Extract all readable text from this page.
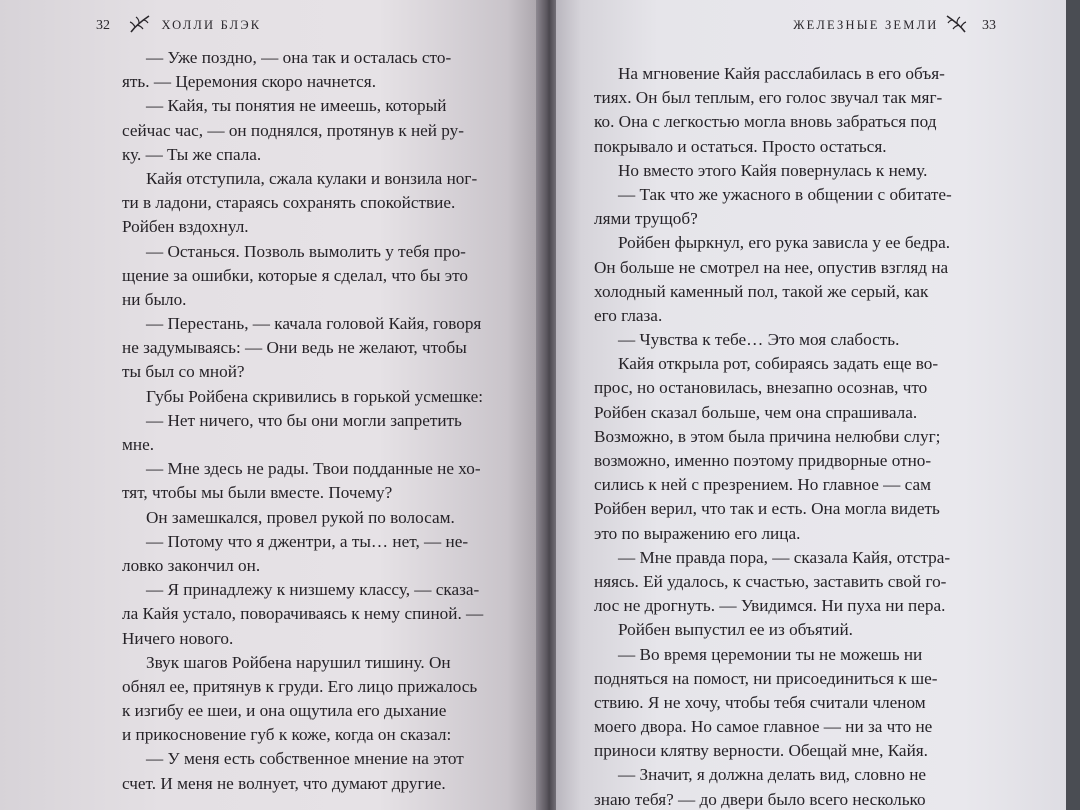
32	ХОЛЛИ БЛЭК
— Уже поздно, — она так и осталась сто-
ять. — Церемония скоро начнется.
— Кайя, ты понятия не имеешь, который
сейчас час, — он поднялся, протянув к ней ру-
ку. — Ты же спала.
Кайя отступила, сжала кулаки и вонзила ног-
ти в ладони, стараясь сохранять спокойствие.
Ройбен вздохнул.
— Останься. Позволь вымолить у тебя про-
щение за ошибки, которые я сделал, что бы это
ни было.
— Перестань, — качала головой Кайя, говоря
не задумываясь: — Они ведь не желают, чтобы
ты был со мной?
Губы Ройбена скривились в горькой усмешке:
— Нет ничего, что бы они могли запретить
мне.
— Мне здесь не рады. Твои подданные не хо-
тят, чтобы мы были вместе. Почему?
Он замешкался, провел рукой по волосам.
— Потому что я джентри, а ты… нет, — не-
ловко закончил он.
— Я принадлежу к низшему классу, — сказа-
ла Кайя устало, поворачиваясь к нему спиной. —
Ничего нового.
Звук шагов Ройбена нарушил тишину. Он
обнял ее, притянув к груди. Его лицо прижалось
к изгибу ее шеи, и она ощутила его дыхание
и прикосновение губ к коже, когда он сказал:
— У меня есть собственное мнение на этот
счет. И меня не волнует, что думают другие.
ЖЕЛЕЗНЫЕ ЗЕМЛИ	33
На мгновение Кайя расслабилась в его объя-
тиях. Он был теплым, его голос звучал так мяг-
ко. Она с легкостью могла вновь забраться под
покрывало и остаться. Просто остаться.
Но вместо этого Кайя повернулась к нему.
— Так что же ужасного в общении с обитате-
лями трущоб?
Ройбен фыркнул, его рука зависла у ее бедра.
Он больше не смотрел на нее, опустив взгляд на
холодный каменный пол, такой же серый, как
его глаза.
— Чувства к тебе… Это моя слабость.
Кайя открыла рот, собираясь задать еще во-
прос, но остановилась, внезапно осознав, что
Ройбен сказал больше, чем она спрашивала.
Возможно, в этом была причина нелюбви слуг;
возможно, именно поэтому придворные отно-
сились к ней с презрением. Но главное — сам
Ройбен верил, что так и есть. Она могла видеть
это по выражению его лица.
— Мне правда пора, — сказала Кайя, отстра-
няясь. Ей удалось, к счастью, заставить свой го-
лос не дрогнуть. — Увидимся. Ни пуха ни пера.
Ройбен выпустил ее из объятий.
— Во время церемонии ты не можешь ни
подняться на помост, ни присоединиться к ше-
ствию. Я не хочу, чтобы тебя считали членом
моего двора. Но самое главное — ни за что не
приноси клятву верности. Обещай мне, Кайя.
— Значит, я должна делать вид, словно не
знаю тебя? — до двери было всего несколько
